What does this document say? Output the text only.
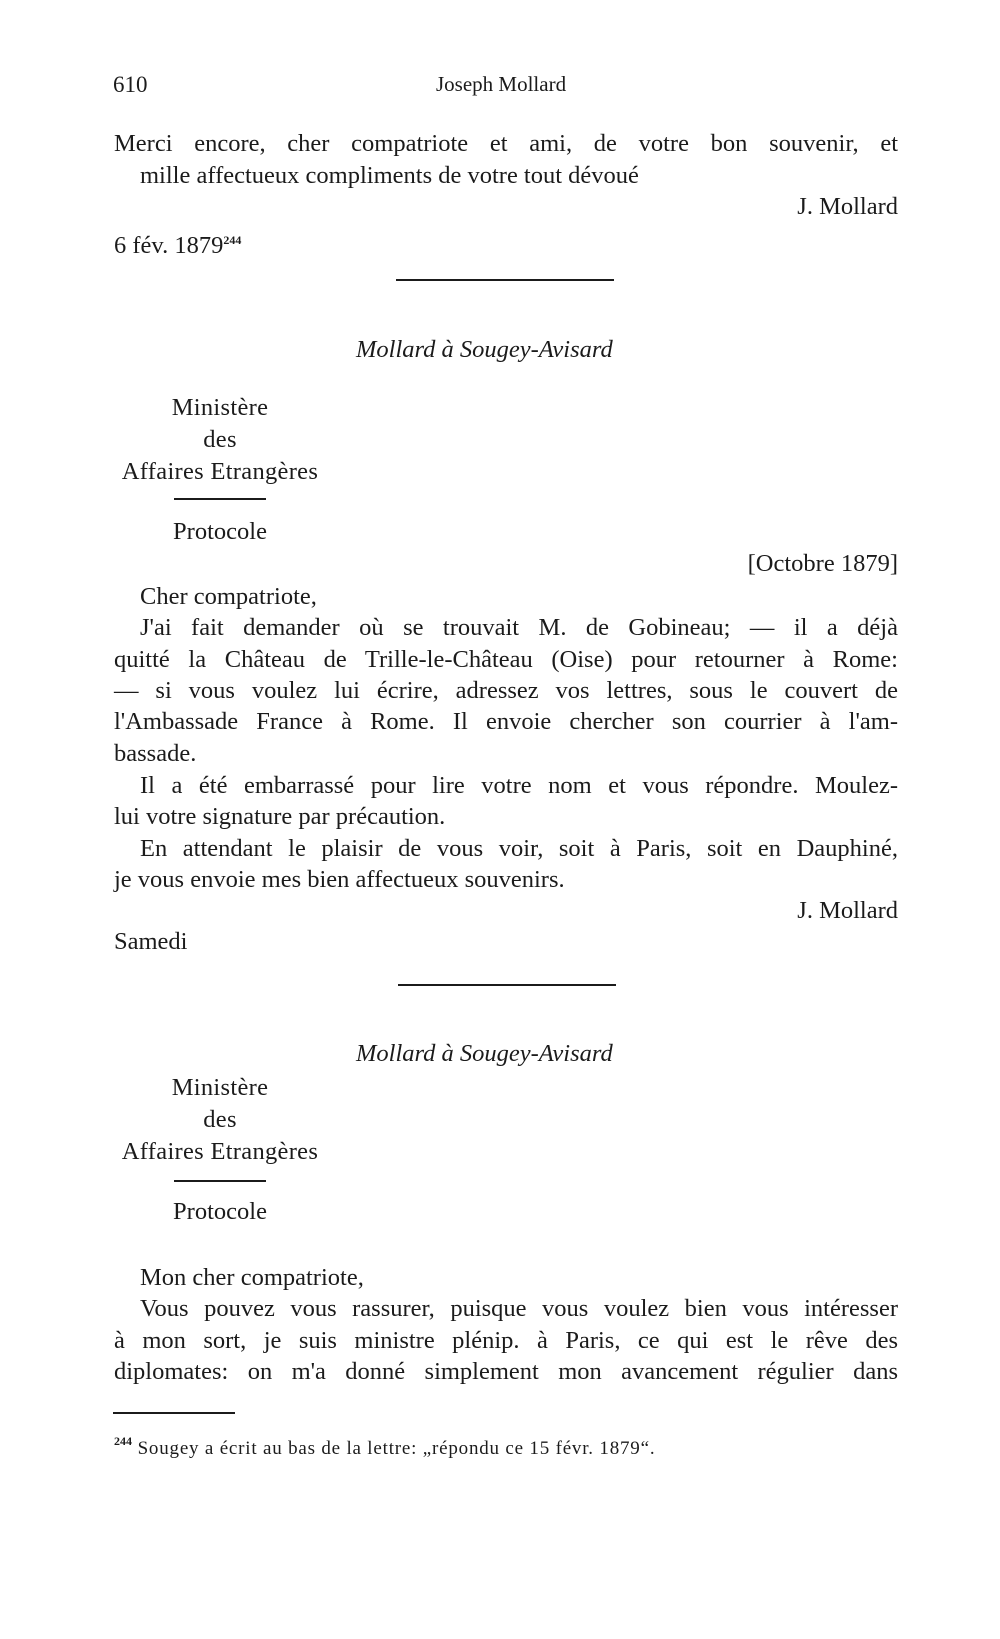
610	Joseph Mollard
Merci encore, cher compatriote et ami, de votre bon souvenir, et
mille affectueux compliments de votre tout dévoué
J. Mollard
6 fév. 1879$^{244}$
Mollard à Sougey-Avisard
Ministère
des
Affaires Etrangères
Protocole
[Octobre 1879]
Cher compatriote,
J'ai fait demander où se trouvait M. de Gobineau; — il a déjà
quitté la Château de Trille-le-Château (Oise) pour retourner à Rome:
— si vous voulez lui écrire, adressez vos lettres, sous le couvert de
l'Ambassade France à Rome. Il envoie chercher son courrier à l'am-
bassade.
Il a été embarrassé pour lire votre nom et vous répondre. Moulez-
lui votre signature par précaution.
En attendant le plaisir de vous voir, soit à Paris, soit en Dauphiné,
je vous envoie mes bien affectueux souvenirs.
J. Mollard
Samedi
Mollard à Sougey-Avisard
Ministère
des
Affaires Etrangères
Protocole
Mon cher compatriote,
Vous pouvez vous rassurer, puisque vous voulez bien vous intéresser
à mon sort, je suis ministre plénip. à Paris, ce qui est le rêve des
diplomates: on m'a donné simplement mon avancement régulier dans
$^{244}$ Sougey a écrit au bas de la lettre: „répondu ce 15 févr. 1879“.
